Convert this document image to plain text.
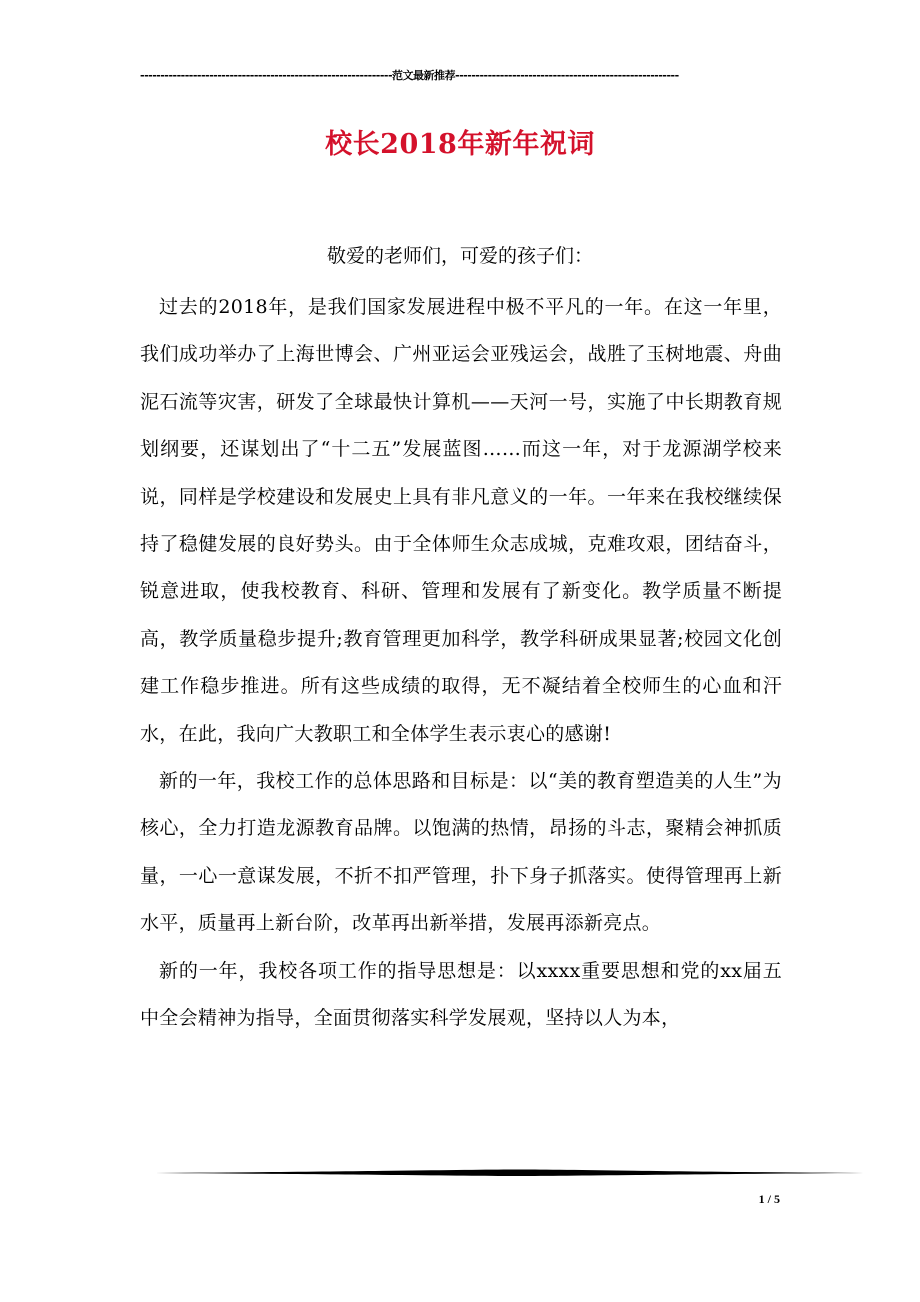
--------------------------------------------------------------范文最新推荐-------------------------------------------------------
校长2018年新年祝词
敬爱的老师们，可爱的孩子们：

过去的2018年，是我们国家发展进程中极不平凡的一年。在这一年里，我们成功举办了上海世博会、广州亚运会亚残运会，战胜了玉树地震、舟曲泥石流等灾害，研发了全球最快计算机——天河一号，实施了中长期教育规划纲要，还谋划出了“十二五”发展蓝图……而这一年，对于龙源湖学校来说，同样是学校建设和发展史上具有非凡意义的一年。一年来在我校继续保持了稳健发展的良好势头。由于全体师生众志成城，克难攻艰，团结奋斗，锐意进取，使我校教育、科研、管理和发展有了新变化。教学质量不断提高，教学质量稳步提升;教育管理更加科学，教学科研成果显著;校园文化创建工作稳步推进。所有这些成绩的取得，无不凝结着全校师生的心血和汗水，在此，我向广大教职工和全体学生表示衷心的感谢!

新的一年，我校工作的总体思路和目标是：以“美的教育塑造美的人生”为核心，全力打造龙源教育品牌。以饱满的热情，昂扬的斗志，聚精会神抓质量，一心一意谋发展，不折不扣严管理，扑下身子抓落实。使得管理再上新水平，质量再上新台阶，改革再出新举措，发展再添新亮点。

新的一年，我校各项工作的指导思想是：以xxxx重要思想和党的xx届五中全会精神为指导，全面贯彻落实科学发展观，坚持以人为本，

1 / 5
